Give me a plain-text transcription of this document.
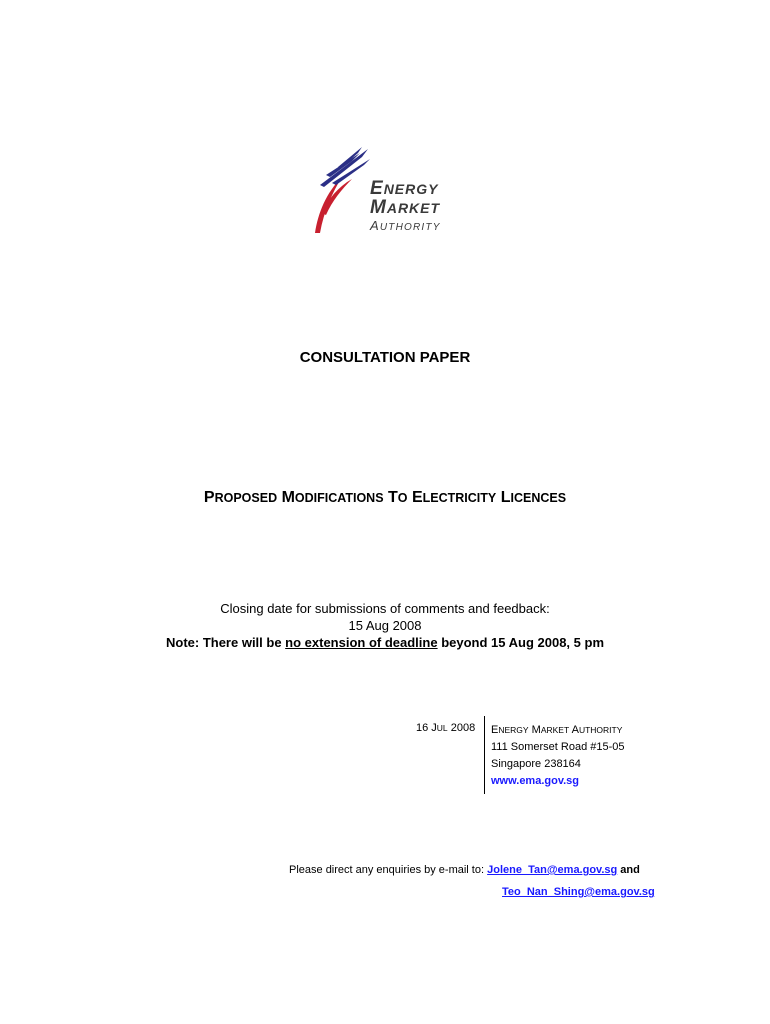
ENERGY
MARKET
AUTHORITY
CONSULTATION PAPER
PROPOSED MODIFICATIONS TO ELECTRICITY LICENCES
Closing date for submissions of comments and feedback:
15 Aug 2008
Note: There will be no extension of deadline beyond 15 Aug 2008, 5 pm
16 JUL 2008 ENERGY MARKET AUTHORITY
111 Somerset Road #15-05
Singapore 238164
www.ema.gov.sg
Please direct any enquiries by e-mail to: Jolene_Tan@ema.gov.sg and
Teo_Nan_Shing@ema.gov.sg
